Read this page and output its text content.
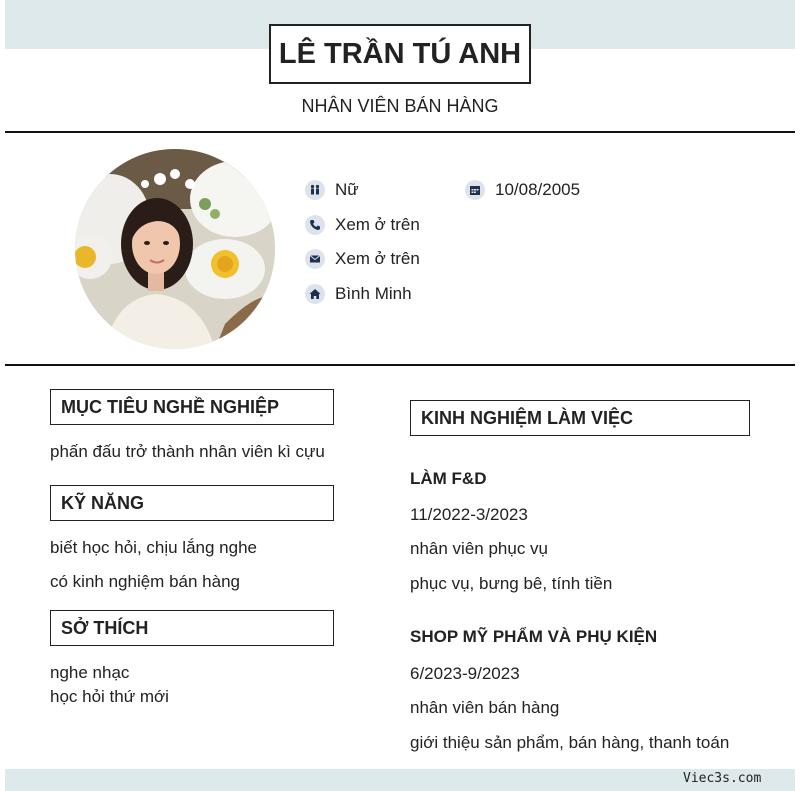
LÊ TRẦN TÚ ANH
NHÂN VIÊN BÁN HÀNG
Nữ	10/08/2005
Xem ở trên
Xem ở trên
Bình Minh
MỤC TIÊU NGHỀ NGHIỆP
phấn đấu trở thành nhân viên kì cựu
KỸ NĂNG
biết học hỏi, chịu lắng nghe
có kinh nghiệm bán hàng
SỞ THÍCH
nghe nhạc
học hỏi thứ mới
KINH NGHIỆM LÀM VIỆC
LÀM F&D
11/2022-3/2023
nhân viên phục vụ
phục vụ, bưng bê, tính tiền
SHOP MỸ PHẨM VÀ PHỤ KIỆN
6/2023-9/2023
nhân viên bán hàng
giới thiệu sản phẩm, bán hàng, thanh toán
Viec3s.com
